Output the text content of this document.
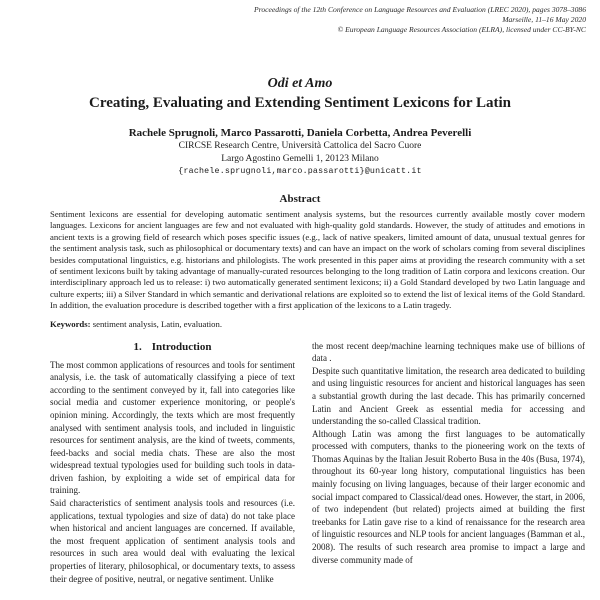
Proceedings of the 12th Conference on Language Resources and Evaluation (LREC 2020), pages 3078–3086
Marseille, 11–16 May 2020
© European Language Resources Association (ELRA), licensed under CC-BY-NC
Odi et Amo
Creating, Evaluating and Extending Sentiment Lexicons for Latin
Rachele Sprugnoli, Marco Passarotti, Daniela Corbetta, Andrea Peverelli
CIRCSE Research Centre, Università Cattolica del Sacro Cuore
Largo Agostino Gemelli 1, 20123 Milano
{rachele.sprugnoli,marco.passarotti}@unicatt.it
Abstract
Sentiment lexicons are essential for developing automatic sentiment analysis systems, but the resources currently available mostly cover modern languages. Lexicons for ancient languages are few and not evaluated with high-quality gold standards. However, the study of attitudes and emotions in ancient texts is a growing field of research which poses specific issues (e.g., lack of native speakers, limited amount of data, unusual textual genres for the sentiment analysis task, such as philosophical or documentary texts) and can have an impact on the work of scholars coming from several disciplines besides computational linguistics, e.g. historians and philologists. The work presented in this paper aims at providing the research community with a set of sentiment lexicons built by taking advantage of manually-curated resources belonging to the long tradition of Latin corpora and lexicons creation. Our interdisciplinary approach led us to release: i) two automatically generated sentiment lexicons; ii) a Gold Standard developed by two Latin language and culture experts; iii) a Silver Standard in which semantic and derivational relations are exploited so to extend the list of lexical items of the Gold Standard. In addition, the evaluation procedure is described together with a first application of the lexicons to a Latin tragedy.
Keywords: sentiment analysis, Latin, evaluation.
1. Introduction

The most common applications of resources and tools for sentiment analysis, i.e. the task of automatically classifying a piece of text according to the sentiment conveyed by it, fall into categories like social media and customer experience monitoring, or people's opinion mining. Accordingly, the texts which are most frequently analysed with sentiment analysis tools, and included in linguistic resources for sentiment analysis, are the kind of tweets, comments, feed-backs and social media chats. These are also the most widespread textual typologies used for building such tools in data-driven fashion, by exploiting a wide set of empirical data for training.

Said characteristics of sentiment analysis tools and resources (i.e. applications, textual typologies and size of data) do not take place when historical and ancient languages are concerned. If available, the most frequent application of sentiment analysis tools and resources in such area would deal with evaluating the lexical properties of literary, philosophical, or documentary texts, to assess their degree of positive, neutral, or negative sentiment. Unlike

the most recent deep/machine learning techniques make use of billions of data .

Despite such quantitative limitation, the research area dedicated to building and using linguistic resources for ancient and historical languages has seen a substantial growth during the last decade. This has primarily concerned Latin and Ancient Greek as essential media for accessing and understanding the so-called Classical tradition.

Although Latin was among the first languages to be automatically processed with computers, thanks to the pioneering work on the texts of Thomas Aquinas by the Italian Jesuit Roberto Busa in the 40s (Busa, 1974), throughout its 60-year long history, computational linguistics has been mainly focusing on living languages, because of their larger economic and social impact compared to Classical/dead ones. However, the start, in 2006, of two independent (but related) projects aimed at building the first treebanks for Latin gave rise to a kind of renaissance for the research area of linguistic resources and NLP tools for ancient languages (Bamman et al., 2008). The results of such research area promise to impact a large and diverse community made of
